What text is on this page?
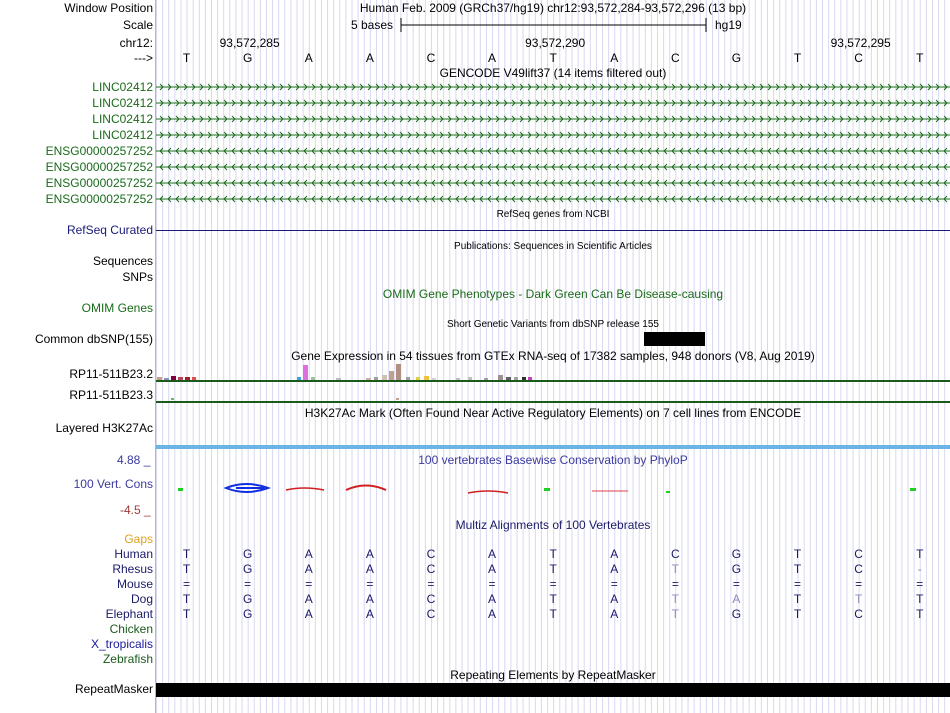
Window Position	Human Feb. 2009 (GRCh37/hg19) chr12:93,572,284-93,572,296 (13 bp)
Scale	5 bases	hg19
chr12:	93,572,285	93,572,290	93,572,295
---> T	G	A	A	C	A	T	A	C	G	T	C	T
GENCODE V49lift37 (14 items filtered out)
LINC02412
LINC02412
LINC02412
LINC02412
ENSG00000257252
ENSG00000257252
ENSG00000257252
ENSG00000257252
RefSeq genes from NCBI
RefSeq Curated
Publications: Sequences in Scientific Articles
Sequences
SNPs
OMIM Gene Phenotypes - Dark Green Can Be Disease-causing
OMIM Genes
Short Genetic Variants from dbSNP release 155
Common dbSNP(155)
Gene Expression in 54 tissues from GTEx RNA-seq of 17382 samples, 948 donors (V8, Aug 2019)
RP11-511B23.2
RP11-511B23.3
H3K27Ac Mark (Often Found Near Active Regulatory Elements) on 7 cell lines from ENCODE
Layered H3K27Ac
4.88 _	100 vertebrates Basewise Conservation by PhyloP
100 Vert. Cons
-4.5 _
Multiz Alignments of 100 Vertebrates
Gaps
Human T	G	A	A	C	A	T	A	C	G	T	C	T
Rhesus T	G	A	A	C	A	T	A	T	G	T	C	-
Mouse	=	=	=	=	=	=	=	=	=	=	=	=	=
Dog T	G	A	A	C	A	T	A	T	A	T	T	T
Elephant T	G	A	A	C	A	T	A	T	G	T	C	T
Chicken
X_tropicalis
Zebrafish
Repeating Elements by RepeatMasker
RepeatMasker
